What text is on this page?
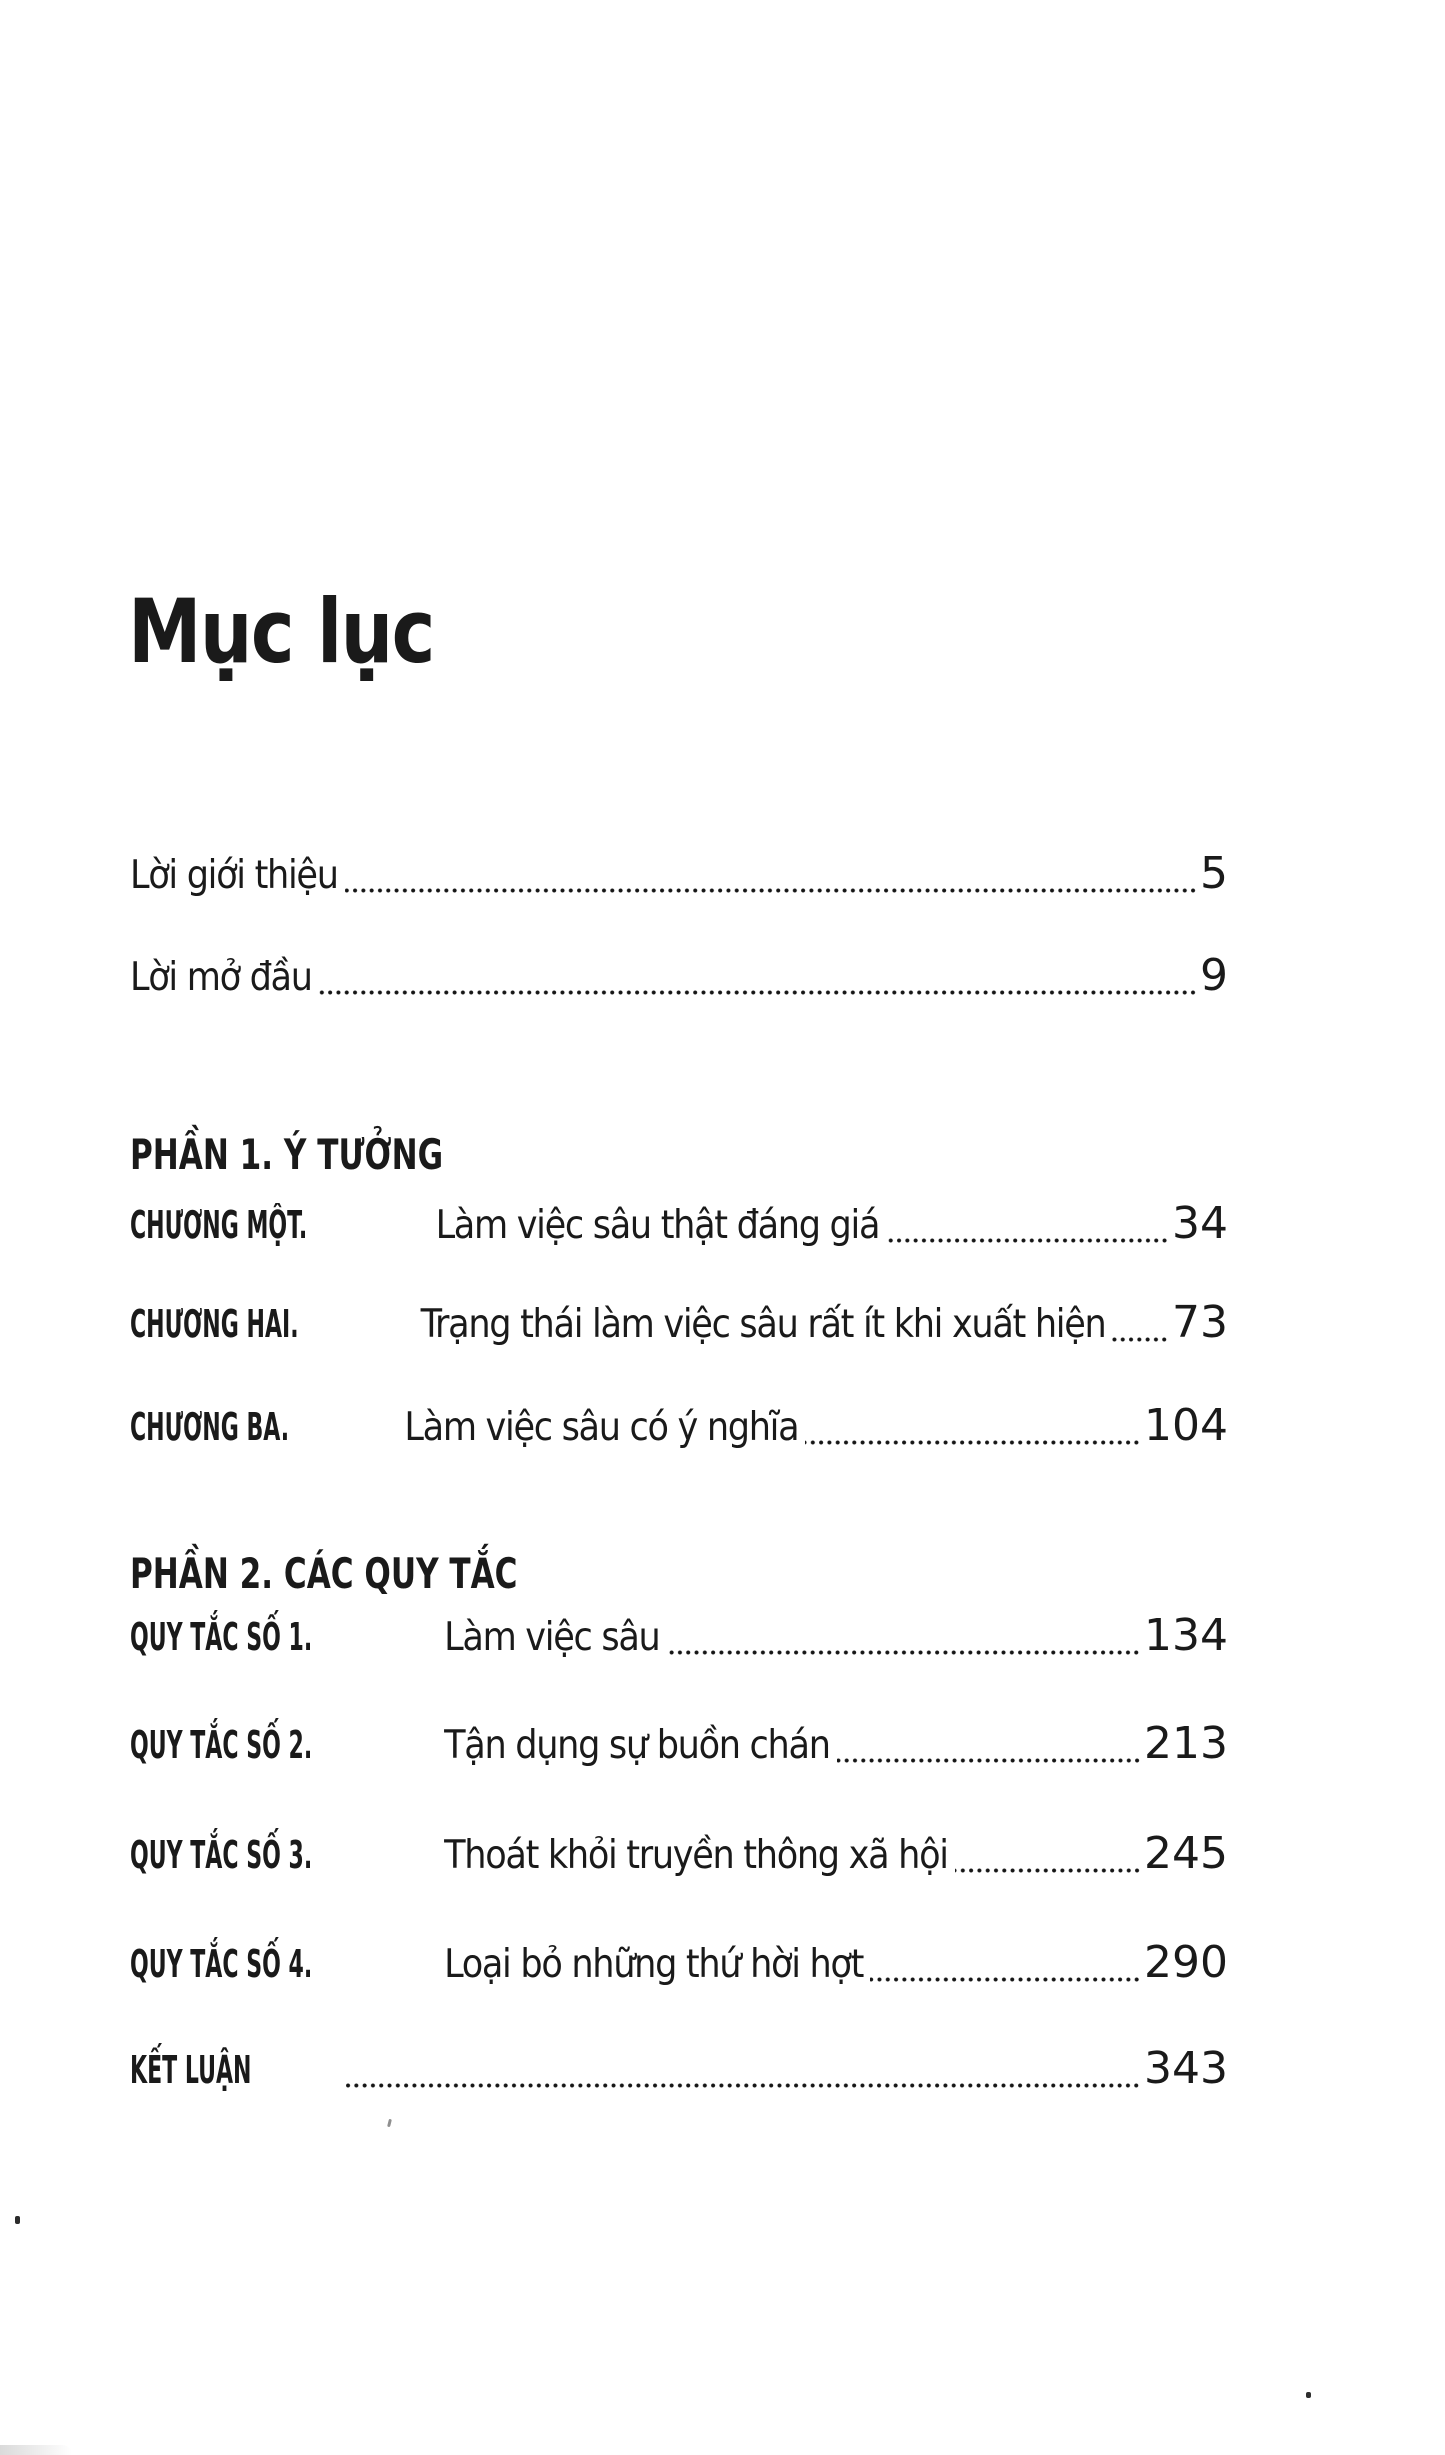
Mục lục
Lời giới thiệu	5
Lời mở đầu	9
PHẦN 1. Ý TƯỞNG
CHƯƠNG MỘT.	Làm việc sâu thật đáng giá	34
CHƯƠNG HAI.	Trạng thái làm việc sâu rất ít khi xuất hiện 73
CHƯƠNG BA.	Làm việc sâu có ý nghĩa	104
PHẦN 2. CÁC QUY TẮC
QUY TẮC SỐ 1.	Làm việc sâu	134
QUY TẮC SỐ 2.	Tận dụng sự buồn chán	213
QUY TẮC SỐ 3.	Thoát khỏi truyền thông xã hội	245
QUY TẮC SỐ 4.	Loại bỏ những thứ hời hợt	290
KẾT LUẬN	343
